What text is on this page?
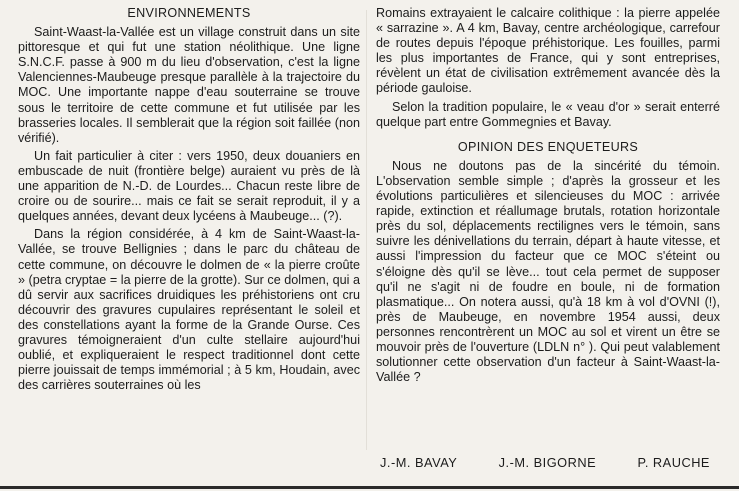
ENVIRONNEMENTS

Saint-Waast-la-Vallée est un village construit dans un site pittoresque et qui fut une station néolithique. Une ligne S.N.C.F. passe à 900 m du lieu d'observation, c'est la ligne Valenciennes-Maubeuge presque parallèle à la trajectoire du MOC. Une importante nappe d'eau souterraine se trouve sous le territoire de cette commune et fut utilisée par les brasseries locales. Il semblerait que la région soit faillée (non vérifié).

Un fait particulier à citer : vers 1950, deux douaniers en embuscade de nuit (frontière belge) auraient vu près de là une apparition de N.-D. de Lourdes... Chacun reste libre de croire ou de sourire... mais ce fait se serait reproduit, il y a quelques années, devant deux lycéens à Maubeuge... (?).

Dans la région considérée, à 4 km de Saint-Waast-la-Vallée, se trouve Bellignies ; dans le parc du château de cette commune, on découvre le dolmen de « la pierre croûte » (petra cryptae = la pierre de la grotte). Sur ce dolmen, qui a dû servir aux sacrifices druidiques les préhistoriens ont cru découvrir des gravures cupulaires représentant le soleil et des constellations ayant la forme de la Grande Ourse. Ces gravures témoigneraient d'un culte stellaire aujourd'hui oublié, et expliqueraient le respect traditionnel dont cette pierre jouissait de temps immémorial ; à 5 km, Houdain, avec des carrières souterraines où les

Romains extrayaient le calcaire colithique : la pierre appelée « sarrazine ». A 4 km, Bavay, centre archéologique, carrefour de routes depuis l'époque préhistorique. Les fouilles, parmi les plus importantes de France, qui y sont entreprises, révèlent un état de civilisation extrêmement avancée dès la période gauloise.

Selon la tradition populaire, le « veau d'or » serait enterré quelque part entre Gommegnies et Bavay.

OPINION DES ENQUETEURS

Nous ne doutons pas de la sincérité du témoin. L'observation semble simple ; d'après la grosseur et les évolutions particulières et silencieuses du MOC : arrivée rapide, extinction et réallumage brutals, rotation horizontale près du sol, déplacements rectilignes vers le témoin, sans suivre les dénivellations du terrain, départ à haute vitesse, et aussi l'impression du facteur que ce MOC s'éteint ou s'éloigne dès qu'il se lève... tout cela permet de supposer qu'il ne s'agit ni de foudre en boule, ni de formation plasmatique... On notera aussi, qu'à 18 km à vol d'OVNI (!), près de Maubeuge, en novembre 1954 aussi, deux personnes rencontrèrent un MOC au sol et virent un être se mouvoir près de l'ouverture (LDLN n° ). Qui peut valablement solutionner cette observation d'un facteur à Saint-Waast-la-Vallée ?

J.-M. BAVAY	J.-M. BIGORNE	P. RAUCHE
